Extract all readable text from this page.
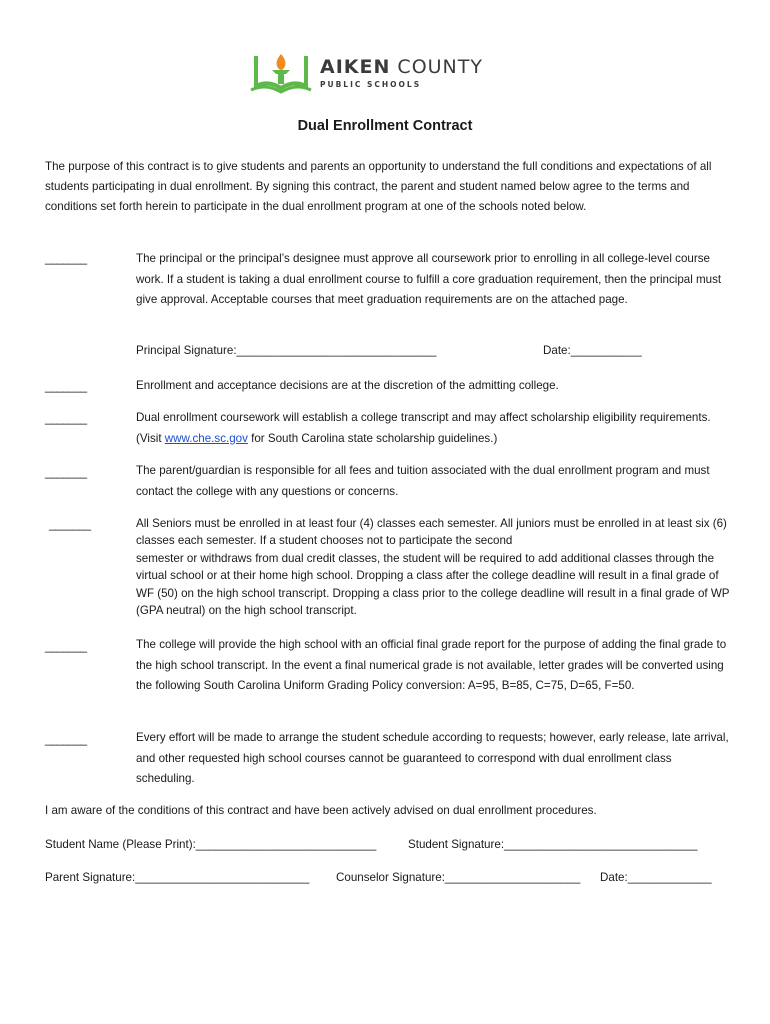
AIKEN COUNTY
PUBLIC SCHOOLS
Dual Enrollment Contract
The purpose of this contract is to give students and parents an opportunity to understand the full conditions and expectations of all students participating in dual enrollment. By signing this contract, the parent and student named below agree to the terms and conditions set forth herein to participate in the dual enrollment program at one of the schools noted below.
_______	The principal or the principal’s designee must approve all coursework prior to enrolling in all college-level course work. If a student is taking a dual enrollment course to fulfill a core graduation requirement, then the principal must give approval. Acceptable courses that meet graduation requirements are on the attached page.
Principal Signature:_______________________________	Date:___________
_______	Enrollment and acceptance decisions are at the discretion of the admitting college.
_______	Dual enrollment coursework will establish a college transcript and may affect scholarship eligibility requirements. (Visit www.che.sc.gov for South Carolina state scholarship guidelines.)
_______	The parent/guardian is responsible for all fees and tuition associated with the dual enrollment program and must contact the college with any questions or concerns.
_______	All Seniors must be enrolled in at least four (4) classes each semester. All juniors must be enrolled in at least six (6) classes each semester. If a student chooses not to participate the second
semester or withdraws from dual credit classes, the student will be required to add additional classes through the virtual school or at their home high school. Dropping a class after the college deadline will result in a final grade of WF (50) on the high school transcript. Dropping a class prior to the college deadline will result in a final grade of WP (GPA neutral) on the high school transcript.
_______	The college will provide the high school with an official final grade report for the purpose of adding the final grade to the high school transcript. In the event a final numerical grade is not available, letter grades will be converted using the following South Carolina Uniform Grading Policy conversion: A=95, B=85, C=75, D=65, F=50.
_______	Every effort will be made to arrange the student schedule according to requests; however, early release, late arrival, and other requested high school courses cannot be guaranteed to correspond with dual enrollment class scheduling.
I am aware of the conditions of this contract and have been actively advised on dual enrollment procedures.
Student Name (Please Print):____________________________	Student Signature:______________________________
Parent Signature:___________________________ Counselor Signature:_____________________ Date:_____________
